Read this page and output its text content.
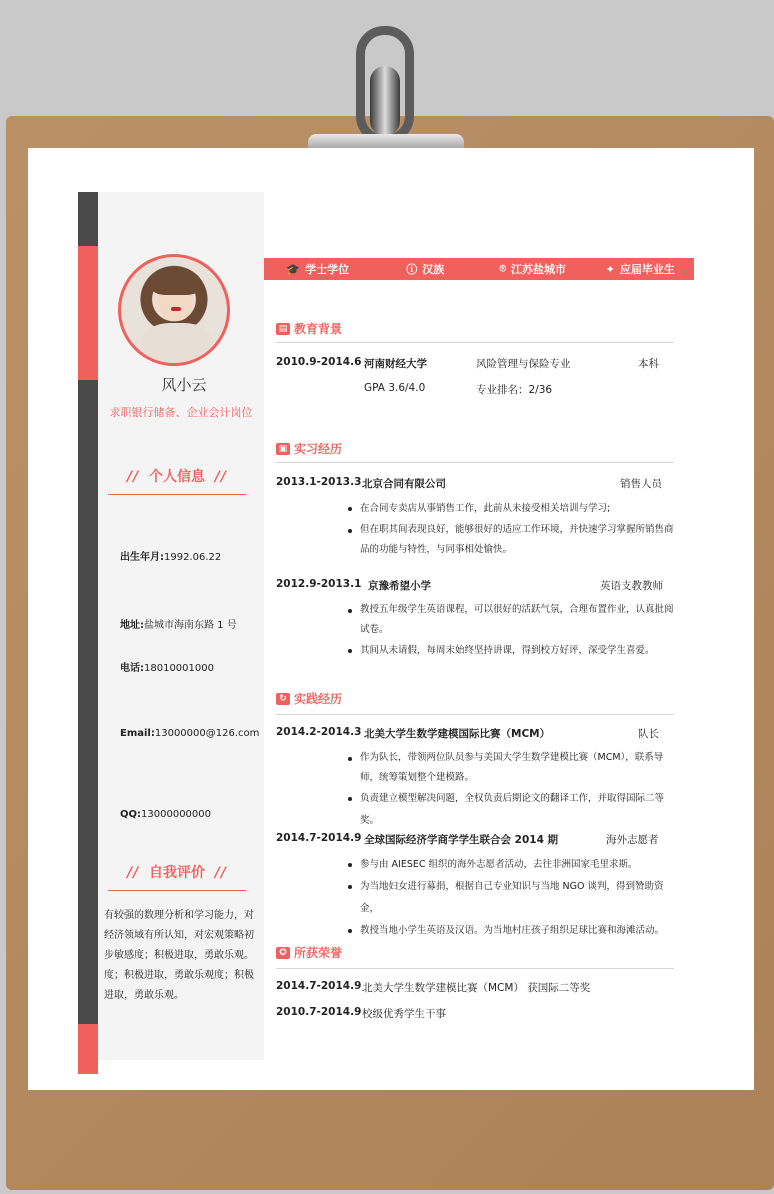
风小云
求职银行储备、企业会计岗位
// 个人信息 //
出生年月:1992.06.22
地址:盐城市海南东路 1 号
电话:18010001000
Email:13000000@126.com
QQ:13000000000
// 自我评价 //
有较强的数理分析和学习能力，对经济领域有所认知，对宏观策略初步敏感度；积极进取，勇敢乐观。度；积极进取，勇敢乐观度；积极进取，勇敢乐观。
🎓 学士学位	ⓘ 汉族	⌾ 江苏盐城市	✦ 应届毕业生
▤ 教育背景
2010.9-2014.6 河南财经大学	风险管理与保险专业	本科
GPA 3.6/4.0	专业排名：2/36
▣ 实习经历
2013.1-2013.3 北京合同有限公司	销售人员
在合同专卖店从事销售工作，此前从未接受相关培训与学习;
但在职其间表现良好，能够很好的适应工作环境，并快速学习掌握所销售商品的功能与特性，与同事相处愉快。
2012.9-2013.1 京豫希望小学	英语支教教师
教授五年级学生英语课程，可以很好的活跃气氛，合理布置作业，认真批阅试卷。
其间从未请假，每周末始终坚持讲课，得到校方好评，深受学生喜爱。
↻ 实践经历
2014.2-2014.3 北美大学生数学建模国际比赛（MCM）	队长
作为队长，带领两位队员参与美国大学生数学建模比赛（MCM），联系导师，统筹策划整个建模路。
负责建立模型解决问题，全权负责后期论文的翻译工作，并取得国际二等奖。
2014.7-2014.9 全球国际经济学商学学生联合会 2014 期	海外志愿者
参与由 AIESEC 组织的海外志愿者活动，去往非洲国家毛里求斯。
为当地妇女进行募捐，根据自己专业知识与当地 NGO 谈判，得到赞助资金，
教授当地小学生英语及汉语。为当地村庄孩子组织足球比赛和海滩活动。
✪ 所获荣誉
2014.7-2014.9 北美大学生数学建模比赛（MCM） 获国际二等奖
2010.7-2014.9 校级优秀学生干事
